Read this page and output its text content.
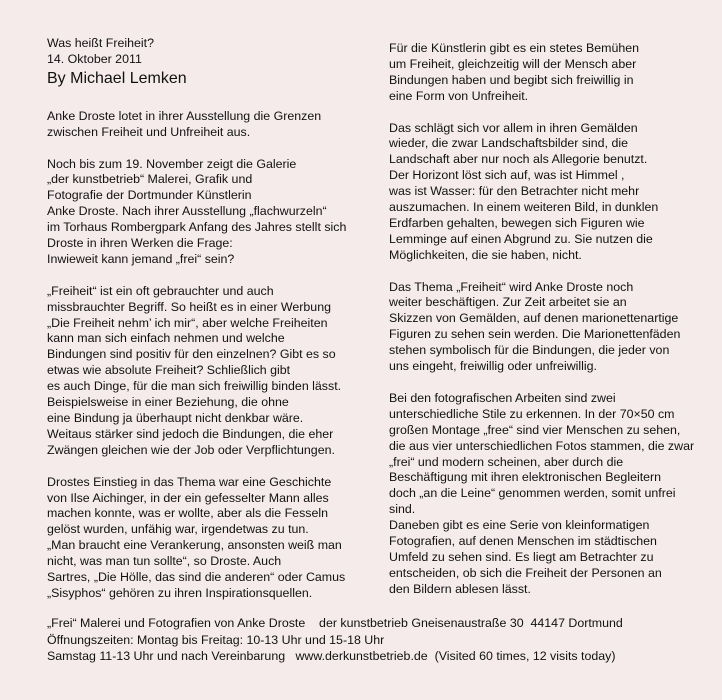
Was heißt Freiheit?
14. Oktober 2011
By Michael Lemken
Anke Droste lotet in ihrer Ausstellung die Grenzen
zwischen Freiheit und Unfreiheit aus.
Noch bis zum 19. November zeigt die Galerie
„der kunstbetrieb“ Malerei, Grafik und
Fotografie der Dortmunder Künstlerin
Anke Droste. Nach ihrer Ausstellung „flachwurzeln“
im Torhaus Rombergpark Anfang des Jahres stellt sich
Droste in ihren Werken die Frage:
Inwieweit kann jemand „frei“ sein?
„Freiheit“ ist ein oft gebrauchter und auch
missbrauchter Begriff. So heißt es in einer Werbung
„Die Freiheit nehm’ ich mir“, aber welche Freiheiten
kann man sich einfach nehmen und welche
Bindungen sind positiv für den einzelnen? Gibt es so
etwas wie absolute Freiheit? Schließlich gibt
es auch Dinge, für die man sich freiwillig binden lässt.
Beispielsweise in einer Beziehung, die ohne
eine Bindung ja überhaupt nicht denkbar wäre.
Weitaus stärker sind jedoch die Bindungen, die eher
Zwängen gleichen wie der Job oder Verpflichtungen.
Drostes Einstieg in das Thema war eine Geschichte
von Ilse Aichinger, in der ein gefesselter Mann alles
machen konnte, was er wollte, aber als die Fesseln
gelöst wurden, unfähig war, irgendetwas zu tun.
„Man braucht eine Verankerung, ansonsten weiß man
nicht, was man tun sollte“, so Droste. Auch
Sartres, „Die Hölle, das sind die anderen“ oder Camus
„Sisyphos“ gehören zu ihren Inspirationsquellen.
Für die Künstlerin gibt es ein stetes Bemühen
um Freiheit, gleichzeitig will der Mensch aber
Bindungen haben und begibt sich freiwillig in
eine Form von Unfreiheit.
Das schlägt sich vor allem in ihren Gemälden
wieder, die zwar Landschaftsbilder sind, die
Landschaft aber nur noch als Allegorie benutzt.
Der Horizont löst sich auf, was ist Himmel ,
was ist Wasser: für den Betrachter nicht mehr
auszumachen. In einem weiteren Bild, in dunklen
Erdfarben gehalten, bewegen sich Figuren wie
Lemminge auf einen Abgrund zu. Sie nutzen die
Möglichkeiten, die sie haben, nicht.
Das Thema „Freiheit“ wird Anke Droste noch
weiter beschäftigen. Zur Zeit arbeitet sie an
Skizzen von Gemälden, auf denen marionettenartige
Figuren zu sehen sein werden. Die Marionettenfäden
stehen symbolisch für die Bindungen, die jeder von
uns eingeht, freiwillig oder unfreiwillig.
Bei den fotografischen Arbeiten sind zwei
unterschiedliche Stile zu erkennen. In der 70×50 cm
großen Montage „free“ sind vier Menschen zu sehen,
die aus vier unterschiedlichen Fotos stammen, die zwar
„frei“ und modern scheinen, aber durch die
Beschäftigung mit ihren elektronischen Begleitern
doch „an die Leine“ genommen werden, somit unfrei
sind.
Daneben gibt es eine Serie von kleinformatigen
Fotografien, auf denen Menschen im städtischen
Umfeld zu sehen sind. Es liegt am Betrachter zu
entscheiden, ob sich die Freiheit der Personen an
den Bildern ablesen lässt.
„Frei“ Malerei und Fotografien von Anke Droste der kunstbetrieb Gneisenaustraße 30  44147 Dortmund
Öffnungszeiten: Montag bis Freitag: 10-13 Uhr und 15-18 Uhr
Samstag 11-13 Uhr und nach Vereinbarung www.derkunstbetrieb.de (Visited 60 times, 12 visits today)
